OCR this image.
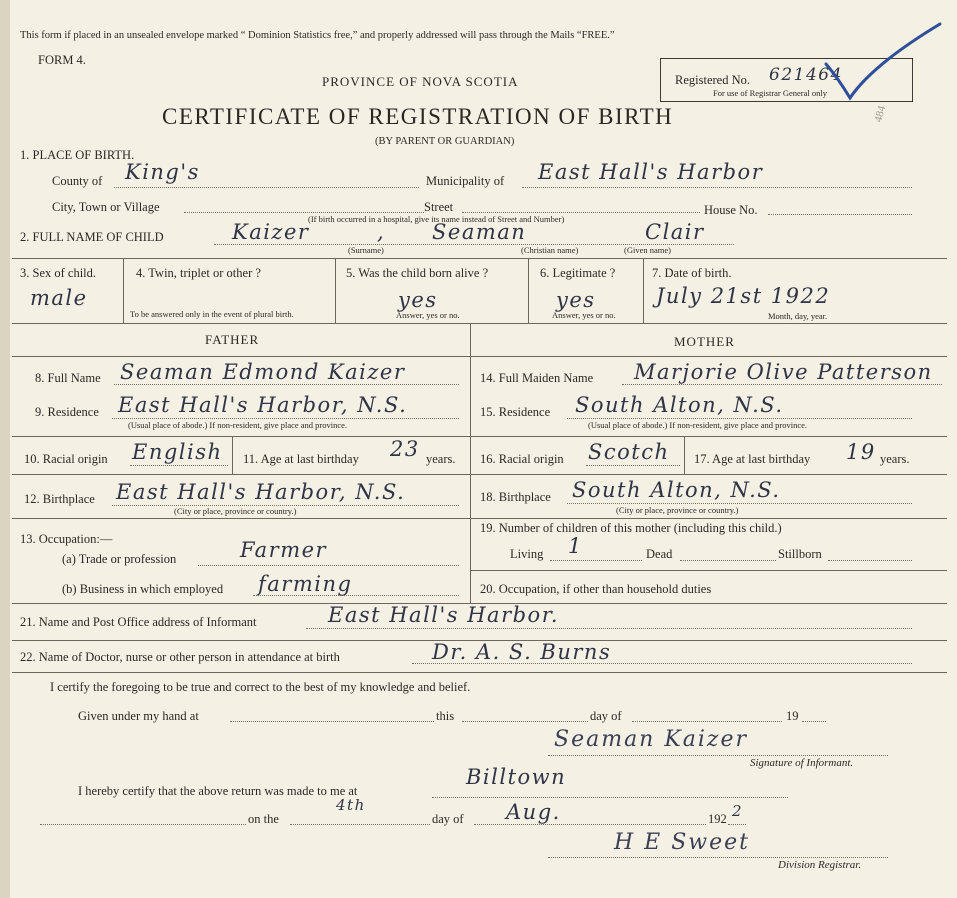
This form if placed in an unsealed envelope marked “ Dominion Statistics free,” and properly addressed will pass through the Mails “FREE.”
FORM 4.
PROVINCE OF NOVA SCOTIA
CERTIFICATE OF REGISTRATION OF BIRTH
(BY PARENT OR GUARDIAN)
Registered No. 621464
For use of Registrar General only
484
1. PLACE OF BIRTH.
County of King's	Municipality of East Hall's Harbor
City, Town or Village	Street	House No.
(If birth occurred in a hospital, give its name instead of Street and Number)
2. FULL NAME OF CHILD	Kaizer	, Seaman	Clair
(Surname)	(Christian name)	(Given name)
3. Sex of child.
male
4. Twin, triplet or other ?
To be answered only in the event of plural birth.
5. Was the child born alive ?
yes
Answer, yes or no.
6. Legitimate ?
yes
Answer, yes or no.
7. Date of birth.
July 21st 1922
Month, day, year.
FATHER	MOTHER
8. Full Name Seaman Edmond Kaizer
9. Residence East Hall's Harbor, N.S.
(Usual place of abode.) If non-resident, give place and province.
10. Racial origin English 11. Age at last birthday 23 years.
12. Birthplace East Hall's Harbor, N.S.
(City or place, province or country.)
13. Occupation:—
(a) Trade or profession	Farmer
(b) Business in which employed farming
14. Full Maiden Name Marjorie Olive Patterson
15. Residence South Alton, N.S.
(Usual place of abode.) If non-resident, give place and province.
16. Racial origin Scotch 17. Age at last birthday 19 years.
18. Birthplace South Alton, N.S.
(City or place, province or country.)
19. Number of children of this mother (including this child.)
Living 1	Dead	Stillborn
20. Occupation, if other than household duties
21. Name and Post Office address of Informant	East Hall's Harbor.
22. Name of Doctor, nurse or other person in attendance at birth	Dr. A. S. Burns
I certify the foregoing to be true and correct to the best of my knowledge and belief.
Given under my hand at	this	day of	19
Seaman Kaizer
Signature of Informant.
I hereby certify that the above return was made to me at
Billtown
on the
4th
day of Aug.	192 2
H E Sweet
Division Registrar.
